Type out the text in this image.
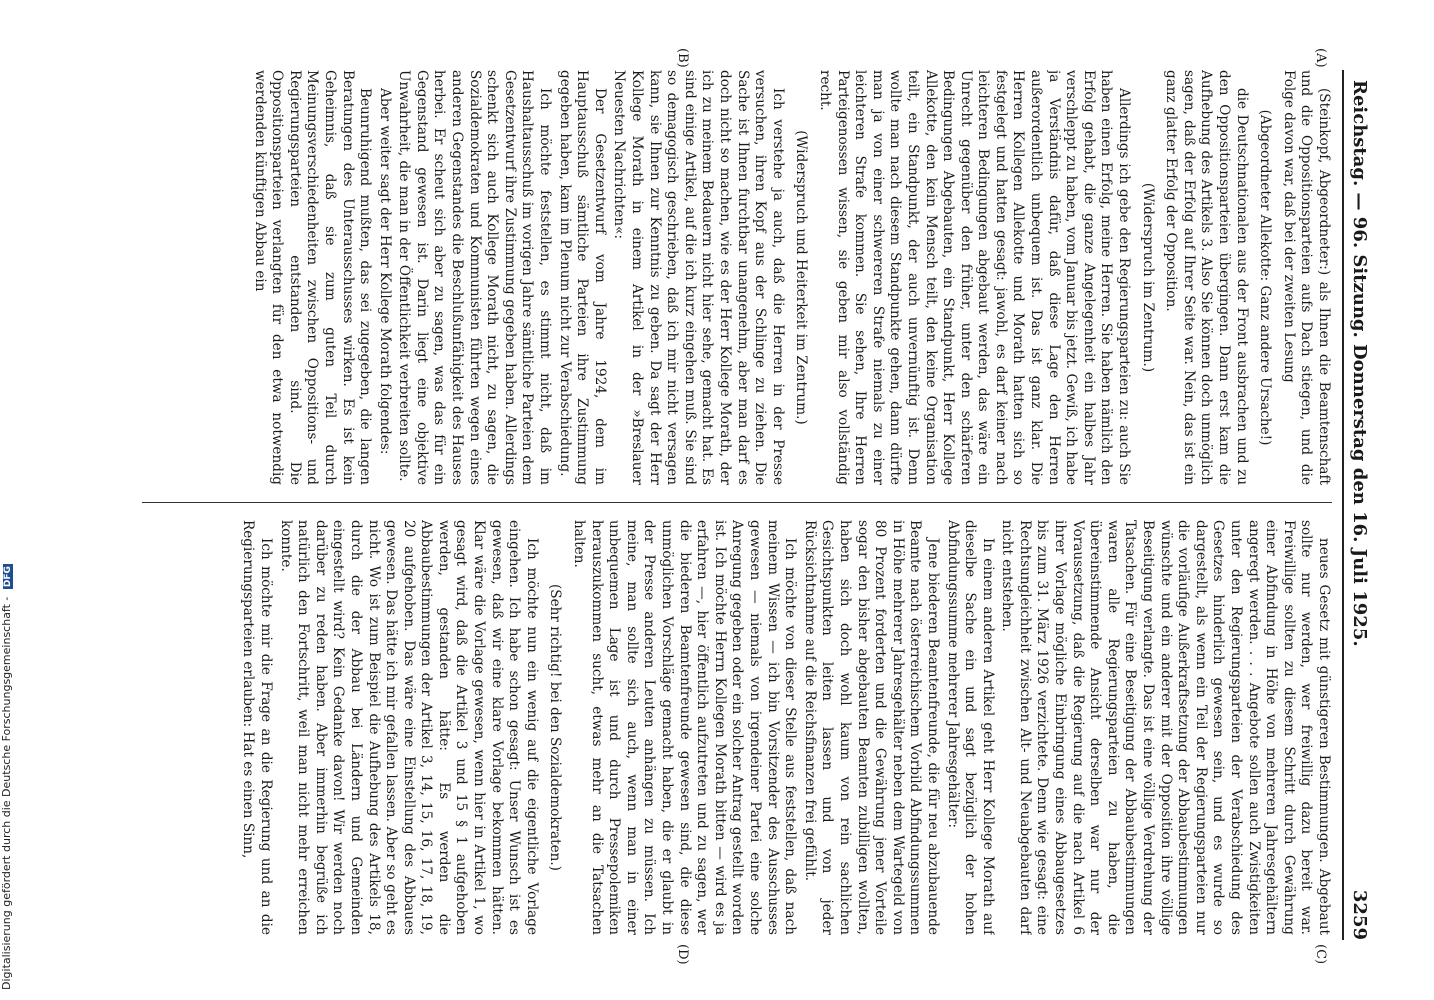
Digitalisierung gefördert durch die Deutsche Forschungsgemeinschaft - DFG	Reichstag. — 96. Sitzung. Donnerstag den 16. Juli 1925.
3259
(A)
(B)
(C)
(D)

(Steinkopf, Abgeordneter:) als Ihnen die Beamtenschaft und die Oppositionsparteien aufs Dach stiegen, und die Folge davon war, daß bei der zweiten Lesung

(Abgeordneter Allekotte: Ganz andere Ursache!)

die Deutschnationalen aus der Front ausbrachen und zu den Oppositionsparteien übergingen. Dann erst kam die Aufhebung des Artikels 3. Also Sie können doch unmöglich sagen, daß der Erfolg auf Ihrer Seite war. Nein, das ist ein ganz glatter Erfolg der Opposition.

(Widerspruch im Zentrum.)

Allerdings ich gebe den Regierungsparteien zu: auch Sie haben einen Erfolg, meine Herren. Sie haben nämlich den Erfolg gehabt, die ganze Angelegenheit ein halbes Jahr verschleppt zu haben, vom Januar bis jetzt. Gewiß, ich habe ja Verständnis dafür, daß diese Lage den Herren außerordentlich unbequem ist. Das ist ganz klar. Die Herren Kollegen Allekotte und Morath hatten sich so festgelegt und hatten gesagt: jawohl, es darf keiner nach leichteren Bedingungen abgebaut werden, das wäre ein Unrecht gegenüber den früher, unter den schärferen Bedingungen Abgebauten, ein Standpunkt, Herr Kollege Allekotte, den kein Mensch teilt, den keine Organisation teilt, ein Standpunkt, der auch unvernünftig ist. Denn wollte man nach diesem Standpunkte gehen, dann dürfte man ja von einer schwereren Strafe niemals zu einer leichteren Strafe kommen. Sie sehen, Ihre Herren Parteigenossen wissen, sie geben mir also vollständig recht.

(Widerspruch und Heiterkeit im Zentrum.)

Ich verstehe ja auch, daß die Herren in der Presse versuchen, ihren Kopf aus der Schlinge zu ziehen. Die Sache ist Ihnen furchtbar unangenehm, aber man darf es doch nicht so machen, wie es der Herr Kollege Morath, der ich zu meinem Bedauern nicht hier sehe, gemacht hat. Es sind einige Artikel, auf die ich kurz eingehen muß. Sie sind so demagogisch geschrieben, daß ich mir nicht versagen kann, sie Ihnen zur Kenntnis zu geben. Da sagt der Herr Kollege Morath in einem Artikel in der »Breslauer Neuesten Nachrichten«:

Der Gesetzentwurf vom Jahre 1924, dem im Hauptausschuß sämtliche Parteien ihre Zustimmung gegeben haben, kam im Plenum nicht zur Verabschiedung.

Ich möchte feststellen, es stimmt nicht, daß im Haushaltausschuß im vorigen Jahre sämtliche Parteien dem Gesetzentwurf ihre Zustimmung gegeben haben. Allerdings schenkt sich auch Kollege Morath nicht, zu sagen, die Sozialdemokraten und Kommunisten führten wegen eines anderen Gegenstandes die Beschlußunfähigkeit des Hauses herbei. Er scheut sich aber zu sagen, was das für ein Gegenstand gewesen ist. Darin liegt eine objektive Unwahrheit, die man in der Öffentlichkeit verbreiten sollte.

Aber weiter sagt der Herr Kollege Morath folgendes:

Beunruhigend mußten, das sei zugegeben, die langen Beratungen des Unterausschusses wirken. Es ist kein Geheimnis, daß sie zum guten Teil durch Meinungsverschiedenheiten zwischen Oppositions- und Regierungsparteien entstanden sind. Die Oppositionsparteien verlangten für den etwa notwendig werdenden künftigen Abbau ein

neues Gesetz mit günstigeren Bestimmungen. Abgebaut sollte nur werden, wer freiwillig dazu bereit war. Freiwillige sollten zu diesem Schritt durch Gewährung einer Abfindung in Höhe von mehreren Jahresgehältern angeregt werden. . . . Angebote sollen auch Zwistigkeiten unter den Regierungsparteien der Verabschiedung des Gesetzes hinderlich gewesen sein, und es wurde so dargestellt, als wenn ein Teil der Regierungsparteien nur die vorläufige Außerkraftsetzung der Abbaubestimmungen wünschte und ein anderer mit der Opposition ihre völlige Beseitigung verlangte. Das ist eine völlige Verdrehung der Tatsachen. Für eine Beseitigung der Abbaubestimmungen waren alle Regierungsparteien zu haben, die übereinstimmende Ansicht derselben war nur der Voraussetzung, daß die Regierung auf die nach Artikel 6 ihrer Vorlage mögliche Einbringung eines Abbaugesetzes bis zum 31. März 1926 verzichtete. Denn wie gesagt: eine Rechtsungleichheit zwischen Alt- und Neuabgebauten darf nicht entstehen.

In einem anderen Artikel geht Herr Kollege Morath auf dieselbe Sache ein und sagt bezüglich der hohen Abfindungssumme mehrerer Jahresgehälter:

Jene biederen Beamtenfreunde, die für neu abzubauende Beamte nach österreichischem Vorbild Abfindungssummen in Höhe mehrerer Jahresgehälter neben dem Wartegeld von 80 Prozent forderten und die Gewährung jener Vorteile sogar den bisher abgebauten Beamten zubilligen wollten, haben sich doch wohl kaum von rein sachlichen Gesichtspunkten leiten lassen und von jeder Rücksichtnahme auf die Reichsfinanzen frei gefühlt.

Ich möchte von dieser Stelle aus feststellen, daß nach meinem Wissen — ich bin Vorsitzender des Ausschusses gewesen — niemals von irgendeiner Partei eine solche Anregung gegeben oder ein solcher Antrag gestellt worden ist. Ich möchte Herrn Kollegen Morath bitten — wird es ja erfahren —, hier öffentlich aufzutreten und zu sagen, wer die biederen Beamtenfreunde gewesen sind, die diese unmöglichen Vorschläge gemacht haben, die er glaubt in der Presse anderen Leuten anhängen zu müssen. Ich meine, man sollte sich auch, wenn man in einer unbequemen Lage ist und durch Pressepolemiken herauszukommen sucht, etwas mehr an die Tatsachen halten.

(Sehr richtig! bei den Sozialdemokraten.)

Ich möchte nun ein wenig auf die eigentliche Vorlage eingehen. Ich habe schon gesagt: Unser Wunsch ist es gewesen, daß wir eine klare Vorlage bekommen hätten. Klar wäre die Vorlage gewesen, wenn hier in Artikel 1, wo gesagt wird, daß die Artikel 3 und 15 § 1 aufgehoben werden, gestanden hätte: Es werden die Abbaubestimmungen der Artikel 3, 14, 15, 16, 17, 18, 19, 20 aufgehoben. Das wäre eine Einstellung des Abbaues gewesen. Das hätte ich mir gefallen lassen. Aber so geht es nicht. Wo ist zum Beispiel die Aufhebung des Artikels 18, durch die der Abbau bei Ländern und Gemeinden eingestellt wird? Kein Gedanke davon! Wir werden noch darüber zu reden haben. Aber immerhin begrüße ich natürlich den Fortschritt, weil man nicht mehr erreichen konnte.

Ich möchte mir die Frage an die Regierung und an die Regierungsparteien erlauben: Hat es einen Sinn,
